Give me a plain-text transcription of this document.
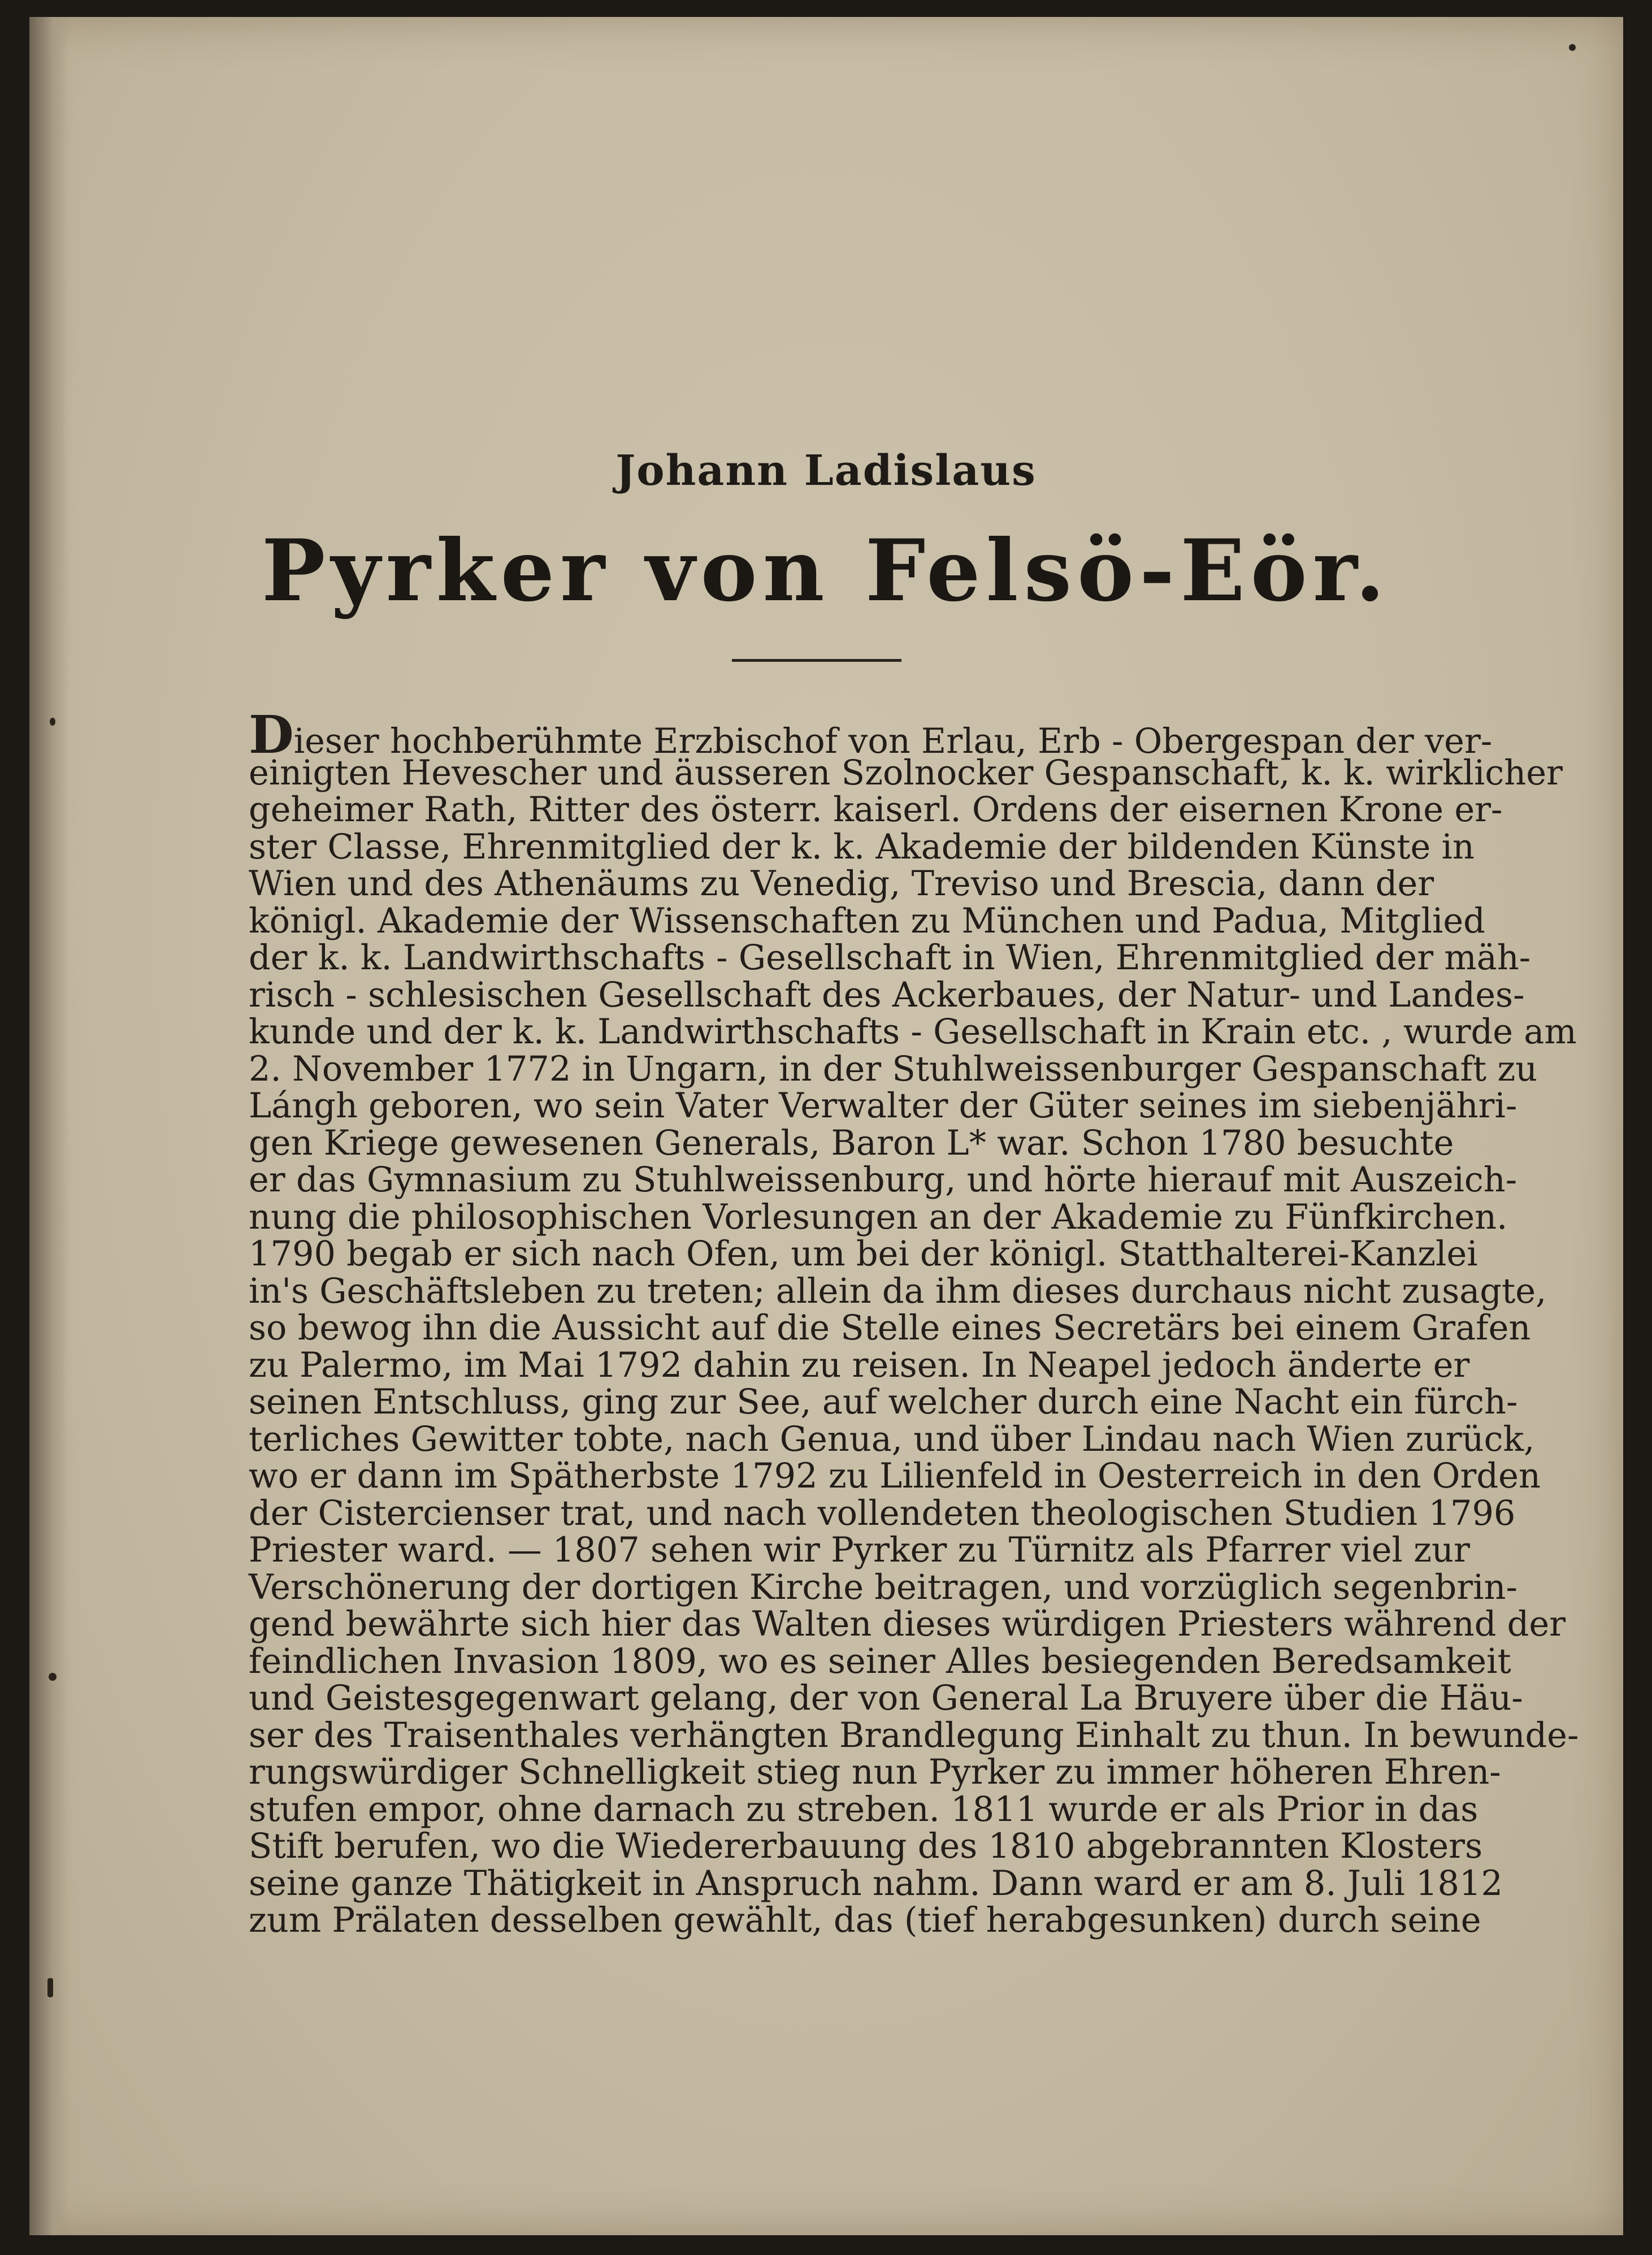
Johann Ladislaus
Pyrker von Felsö-Eör.
Dieser hochberühmte Erzbischof von Erlau, Erb - Obergespan der ver-
einigten Hevescher und äusseren Szolnocker Gespanschaft, k. k. wirklicher
geheimer Rath, Ritter des österr. kaiserl. Ordens der eisernen Krone er-
ster Classe, Ehrenmitglied der k. k. Akademie der bildenden Künste in
Wien und des Athenäums zu Venedig, Treviso und Brescia, dann der
königl. Akademie der Wissenschaften zu München und Padua, Mitglied
der k. k. Landwirthschafts - Gesellschaft in Wien, Ehrenmitglied der mäh-
risch - schlesischen Gesellschaft des Ackerbaues, der Natur- und Landes-
kunde und der k. k. Landwirthschafts - Gesellschaft in Krain etc. , wurde am
2. November 1772 in Ungarn, in der Stuhlweissenburger Gespanschaft zu
Lángh geboren, wo sein Vater Verwalter der Güter seines im siebenjähri-
gen Kriege gewesenen Generals, Baron L* war. Schon 1780 besuchte
er das Gymnasium zu Stuhlweissenburg, und hörte hierauf mit Auszeich-
nung die philosophischen Vorlesungen an der Akademie zu Fünfkirchen.
1790 begab er sich nach Ofen, um bei der königl. Statthalterei-Kanzlei
in's Geschäftsleben zu treten; allein da ihm dieses durchaus nicht zusagte,
so bewog ihn die Aussicht auf die Stelle eines Secretärs bei einem Grafen
zu Palermo, im Mai 1792 dahin zu reisen. In Neapel jedoch änderte er
seinen Entschluss, ging zur See, auf welcher durch eine Nacht ein fürch-
terliches Gewitter tobte, nach Genua, und über Lindau nach Wien zurück,
wo er dann im Spätherbste 1792 zu Lilienfeld in Oesterreich in den Orden
der Cistercienser trat, und nach vollendeten theologischen Studien 1796
Priester ward. — 1807 sehen wir Pyrker zu Türnitz als Pfarrer viel zur
Verschönerung der dortigen Kirche beitragen, und vorzüglich segenbrin-
gend bewährte sich hier das Walten dieses würdigen Priesters während der
feindlichen Invasion 1809, wo es seiner Alles besiegenden Beredsamkeit
und Geistesgegenwart gelang, der von General La Bruyere über die Häu-
ser des Traisenthales verhängten Brandlegung Einhalt zu thun. In bewunde-
rungswürdiger Schnelligkeit stieg nun Pyrker zu immer höheren Ehren-
stufen empor, ohne darnach zu streben. 1811 wurde er als Prior in das
Stift berufen, wo die Wiedererbauung des 1810 abgebrannten Klosters
seine ganze Thätigkeit in Anspruch nahm. Dann ward er am 8. Juli 1812
zum Prälaten desselben gewählt, das (tief herabgesunken) durch seine
